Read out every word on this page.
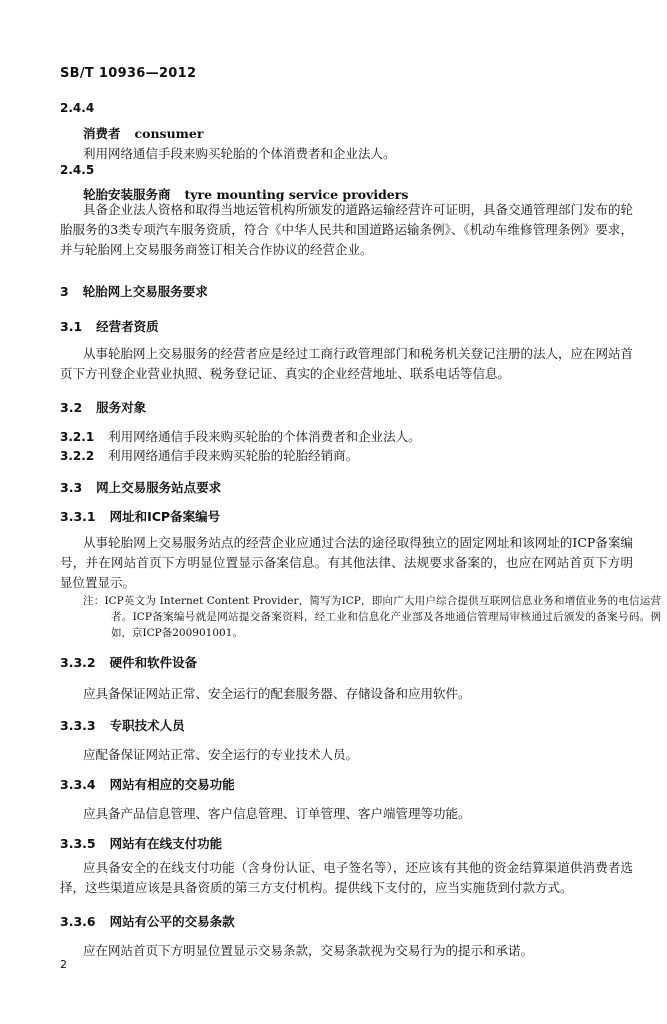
SB/T 10936—2012
2.4.4
消费者 consumer
利用网络通信手段来购买轮胎的个体消费者和企业法人。
2.4.5
轮胎安装服务商 tyre mounting service providers
具备企业法人资格和取得当地运管机构所颁发的道路运输经营许可证明，具备交通管理部门发布的轮胎服务的3类专项汽车服务资质，符合《中华人民共和国道路运输条例》、《机动车维修管理条例》要求，并与轮胎网上交易服务商签订相关合作协议的经营企业。
3 轮胎网上交易服务要求
3.1 经营者资质
从事轮胎网上交易服务的经营者应是经过工商行政管理部门和税务机关登记注册的法人，应在网站首页下方刊登企业营业执照、税务登记证、真实的企业经营地址、联系电话等信息。
3.2 服务对象
3.2.1 利用网络通信手段来购买轮胎的个体消费者和企业法人。
3.2.2 利用网络通信手段来购买轮胎的轮胎经销商。
3.3 网上交易服务站点要求
3.3.1 网址和ICP备案编号
从事轮胎网上交易服务站点的经营企业应通过合法的途径取得独立的固定网址和该网址的ICP备案编号，并在网站首页下方明显位置显示备案信息。有其他法律、法规要求备案的，也应在网站首页下方明显位置显示。
注：ICP英文为 Internet Content Provider，简写为ICP，即向广大用户综合提供互联网信息业务和增值业务的电信运营者。ICP备案编号就是网站提交备案资料，经工业和信息化产业部及各地通信管理局审核通过后颁发的备案号码。例如，京ICP备200901001。
3.3.2 硬件和软件设备
应具备保证网站正常、安全运行的配套服务器、存储设备和应用软件。
3.3.3 专职技术人员
应配备保证网站正常、安全运行的专业技术人员。
3.3.4 网站有相应的交易功能
应具备产品信息管理、客户信息管理、订单管理、客户端管理等功能。
3.3.5 网站有在线支付功能
应具备安全的在线支付功能（含身份认证、电子签名等），还应该有其他的资金结算渠道供消费者选择，这些渠道应该是具备资质的第三方支付机构。提供线下支付的，应当实施货到付款方式。
3.3.6 网站有公平的交易条款
应在网站首页下方明显位置显示交易条款，交易条款视为交易行为的提示和承诺。
2
